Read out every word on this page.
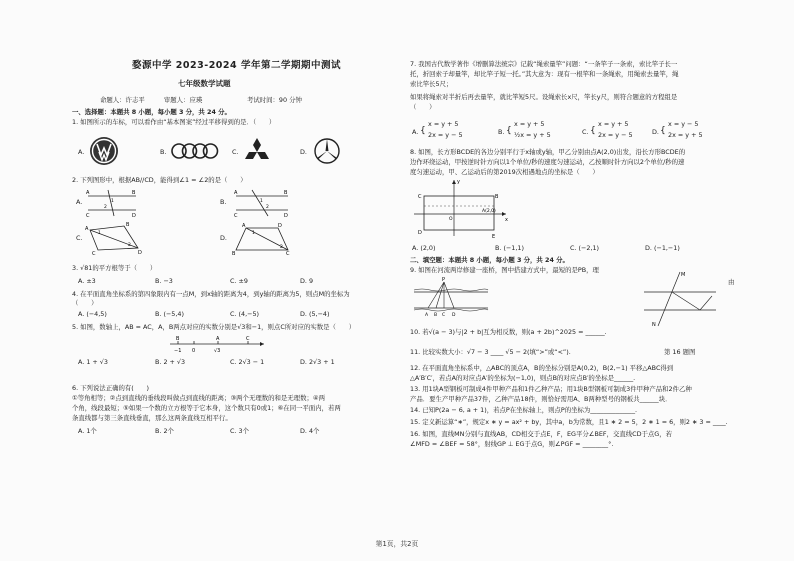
婺源中学 2023-2024 学年第二学期期中测试
七年级数学试题
命题人：许志平　　　审题人：应瑛　　　　　　　考试时间：90 分钟
一、选择题：本题共 8 小题，每小题 3 分，共 24 分。
1. 如图所示的车标，可以看作由“基本图案”经过平移得到的是．（　　）
A.	B.	C.	D.
2. 下列图形中，根据AB//CD，能得到∠1 = ∠2的是（　　）
A.
A	B
C	D
1
2
B.
A	B
C	D
1
2
C.
A
B
C	D
1
2
D.
A	D
B	C
1
2
3. √81的平方根等于（　　）
A. ±3	B. −3	C. ±9	D. 9
4. 在平面直角坐标系的第四象限内有一点M，到x轴的距离为4，到y轴的距离为5，则点M的坐标为
（　　）
A. (−4,5)	B. (−5,4)	C. (4,−5)	D. (5,−4)
5. 如图，数轴上，AB = AC，A，B两点对应的实数分别是√3和−1，则点C所对应的实数是（　　）
B	A	C
−1 0	√3
A. 1 + √3	B. 2 + √3	C. 2√3 − 1	D. 2√3 + 1
6. 下列说法正确的有(　　)
①等角相等；②点到直线的垂线段叫做点到直线的距离；③两个无理数的和是无理数；④两
个角，线段最短；⑤如果一个数的立方根等于它本身，这个数只有0或1；⑥在同一平面内，若两
条直线都与第三条直线垂直，那么这两条直线互相平行。
A. 1个	B. 2个	C. 3个	D. 4个
7. 我国古代数学著作《增删算法统宗》记载“绳索量竿”问题：“一条竿子一条索，索比竿子长一
托，折回索子却量竿，却比竿子短一托。”其大意为：现有一根竿和一条绳索，用绳索去量竿，绳
索比竿长5尺；
如果将绳索对半折后再去量竿，就比竿短5尺。设绳索长x尺，竿长y尺，则符合题意的方程组是
（　　）
A. {
x = y + 5
2x = y − 5	B. {
x = y + 5
½x = y + 5	C. {
x = y + 5
2x = y − 5	D. {
x = y − 5
2x = y + 5
8. 如图，长方形BCDE的各边分别平行于x轴或y轴，甲乙分别由点A(2,0)出发，沿长方形BCDE的
边作环绕运动，甲按逆时针方向以1个单位/秒的速度匀速运动，乙按顺时针方向以2个单位/秒的速
度匀速运动，甲、乙运动后的第2019次相遇地点的坐标是（　　）
C	B
D
E
A(2,0)
O	x
y
A. (2,0)	B. (−1,1)	C. (−2,1)	D. (−1,−1)
二、填空题：本题共 8 小题，每小题 3 分，共 24 分。
9. 如图在河流两岸修建一座桥，图中搭建方式中，最短的是PB，理
由
P
A B C D
M
N
10. 若√(a − 3)与|2 + b|互为相反数，则(a + 2b)^2025 = ______.
11. 比较实数大小：√7 − 3 ____ √5 − 2(填“>”或“<”).	第 16 题图
12. 在平面直角坐标系中，△ABC的顶点A，B的坐标分别是A(0,2)，B(2,−1) 平移△ABC得到
△A′B′C′，若点A的对应点A′的坐标为(−1,0)，则点B的对应点B′的坐标是______.
13. 用1块A型钢板可制成4件甲种产品和1件乙种产品；用1块B型钢板可制成3件甲种产品和2件乙种
产品．要生产甲种产品37件，乙种产品18件，则恰好需用A、B两种型号的钢板共______块．
14. 已知P(2a − 6, a + 1)，若点P在坐标轴上，则点P的坐标为______________.
15. 定义新运算“∗”，规定x ∗ y = ax² + by，其中a，b为常数，且1 ∗ 2 = 5，2 ∗ 1 = 6，则2 ∗ 3 = ____.
16. 如图，直线MN分别与直线AB，CD相交于点E，F，EG平分∠BEF，交直线CD于点G，若
∠MFD = ∠BEF = 58°，射线GP ⊥ EG于点G，则∠PGF = ________°.
第1页，共2页
